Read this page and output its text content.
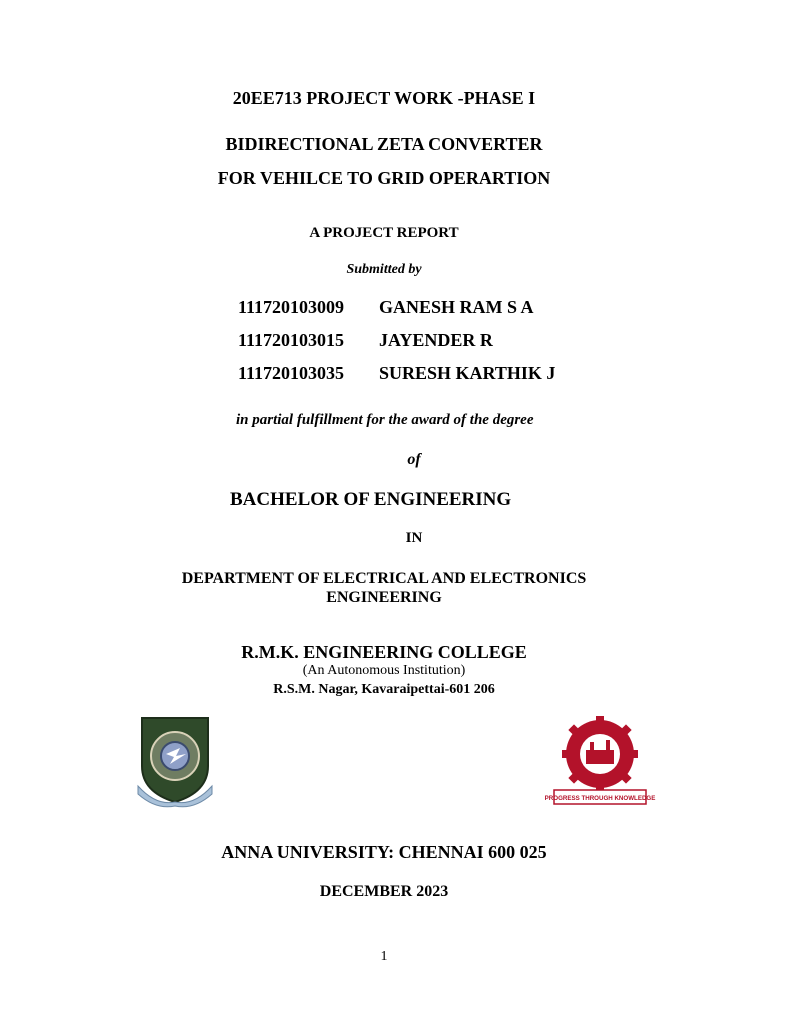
20EE713 PROJECT WORK -PHASE I
BIDIRECTIONAL ZETA CONVERTER
FOR VEHILCE TO GRID OPERARTION
A PROJECT REPORT
Submitted by
111720103009 GANESH RAM S A
111720103015 JAYENDER R
111720103035 SURESH KARTHIK J
in partial fulfillment for the award of the degree
of
BACHELOR OF ENGINEERING
IN
DEPARTMENT OF ELECTRICAL AND ELECTRONICS
ENGINEERING
R.M.K. ENGINEERING COLLEGE
(An Autonomous Institution)
R.S.M. Nagar, Kavaraipettai-601 206
PROGRESS THROUGH KNOWLEDGE
ANNA UNIVERSITY: CHENNAI 600 025
DECEMBER 2023
1
